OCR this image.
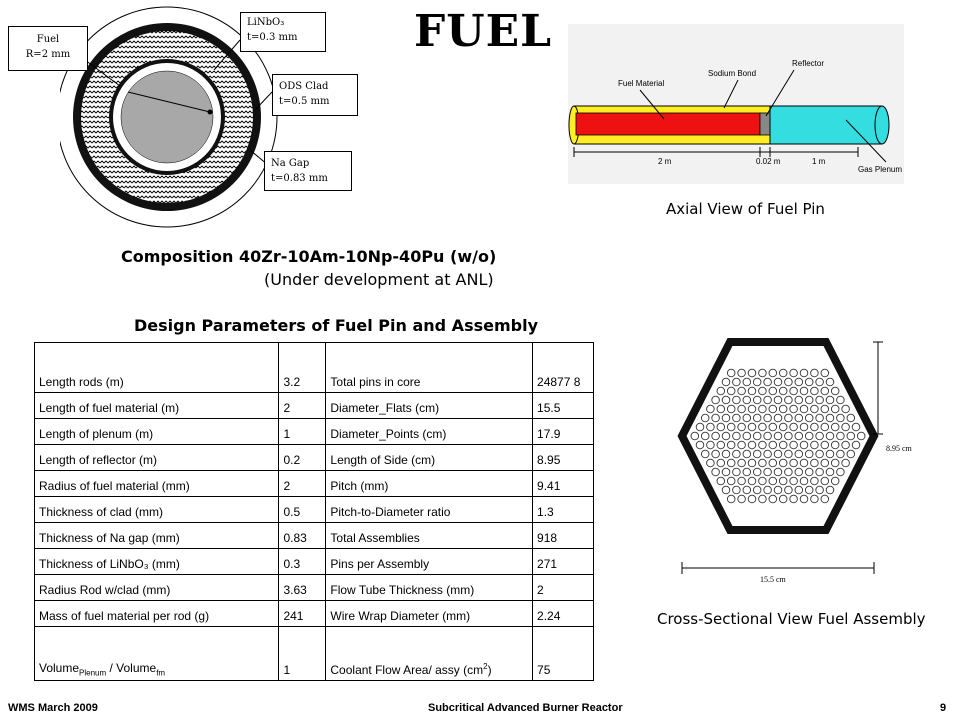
FUEL
Fuel
R=2 mm
LiNbO₃
t=0.3 mm
ODS Clad
t=0.5 mm
Na Gap
t=0.83 mm
Fuel Material
Sodium Bond
Reflector
Gas Plenum
2 m	0.02 m	1 m
Axial View of Fuel Pin
Composition 40Zr-10Am-10Np-40Pu (w/o)
(Under development at ANL)
Design Parameters of Fuel Pin and Assembly
Length rods (m)	3.2	Total pins in core	24877 8
Length of fuel material (m)	2	Diameter_Flats (cm)	15.5
Length of plenum (m)	1	Diameter_Points (cm)	17.9
Length of reflector (m)	0.2	Length of Side (cm)	8.95
Radius of fuel material (mm)	2	Pitch (mm)	9.41
Thickness of clad (mm)	0.5	Pitch-to-Diameter ratio	1.3
Thickness of Na gap (mm)	0.83	Total Assemblies	918
Thickness of LiNbO₃ (mm)	0.3	Pins per Assembly	271
Radius Rod w/clad (mm)	3.63	Flow Tube Thickness (mm)	2
Mass of fuel material per rod (g)	241	Wire Wrap Diameter (mm)	2.24
Volume$_{Plenum}$ / Volume$_{fm}$	1	Coolant Flow Area/ assy $(cm^2)$	75
8.95 cm
15.5 cm
Cross-Sectional View Fuel Assembly
WMS March 2009	Subcritical Advanced Burner Reactor	9
